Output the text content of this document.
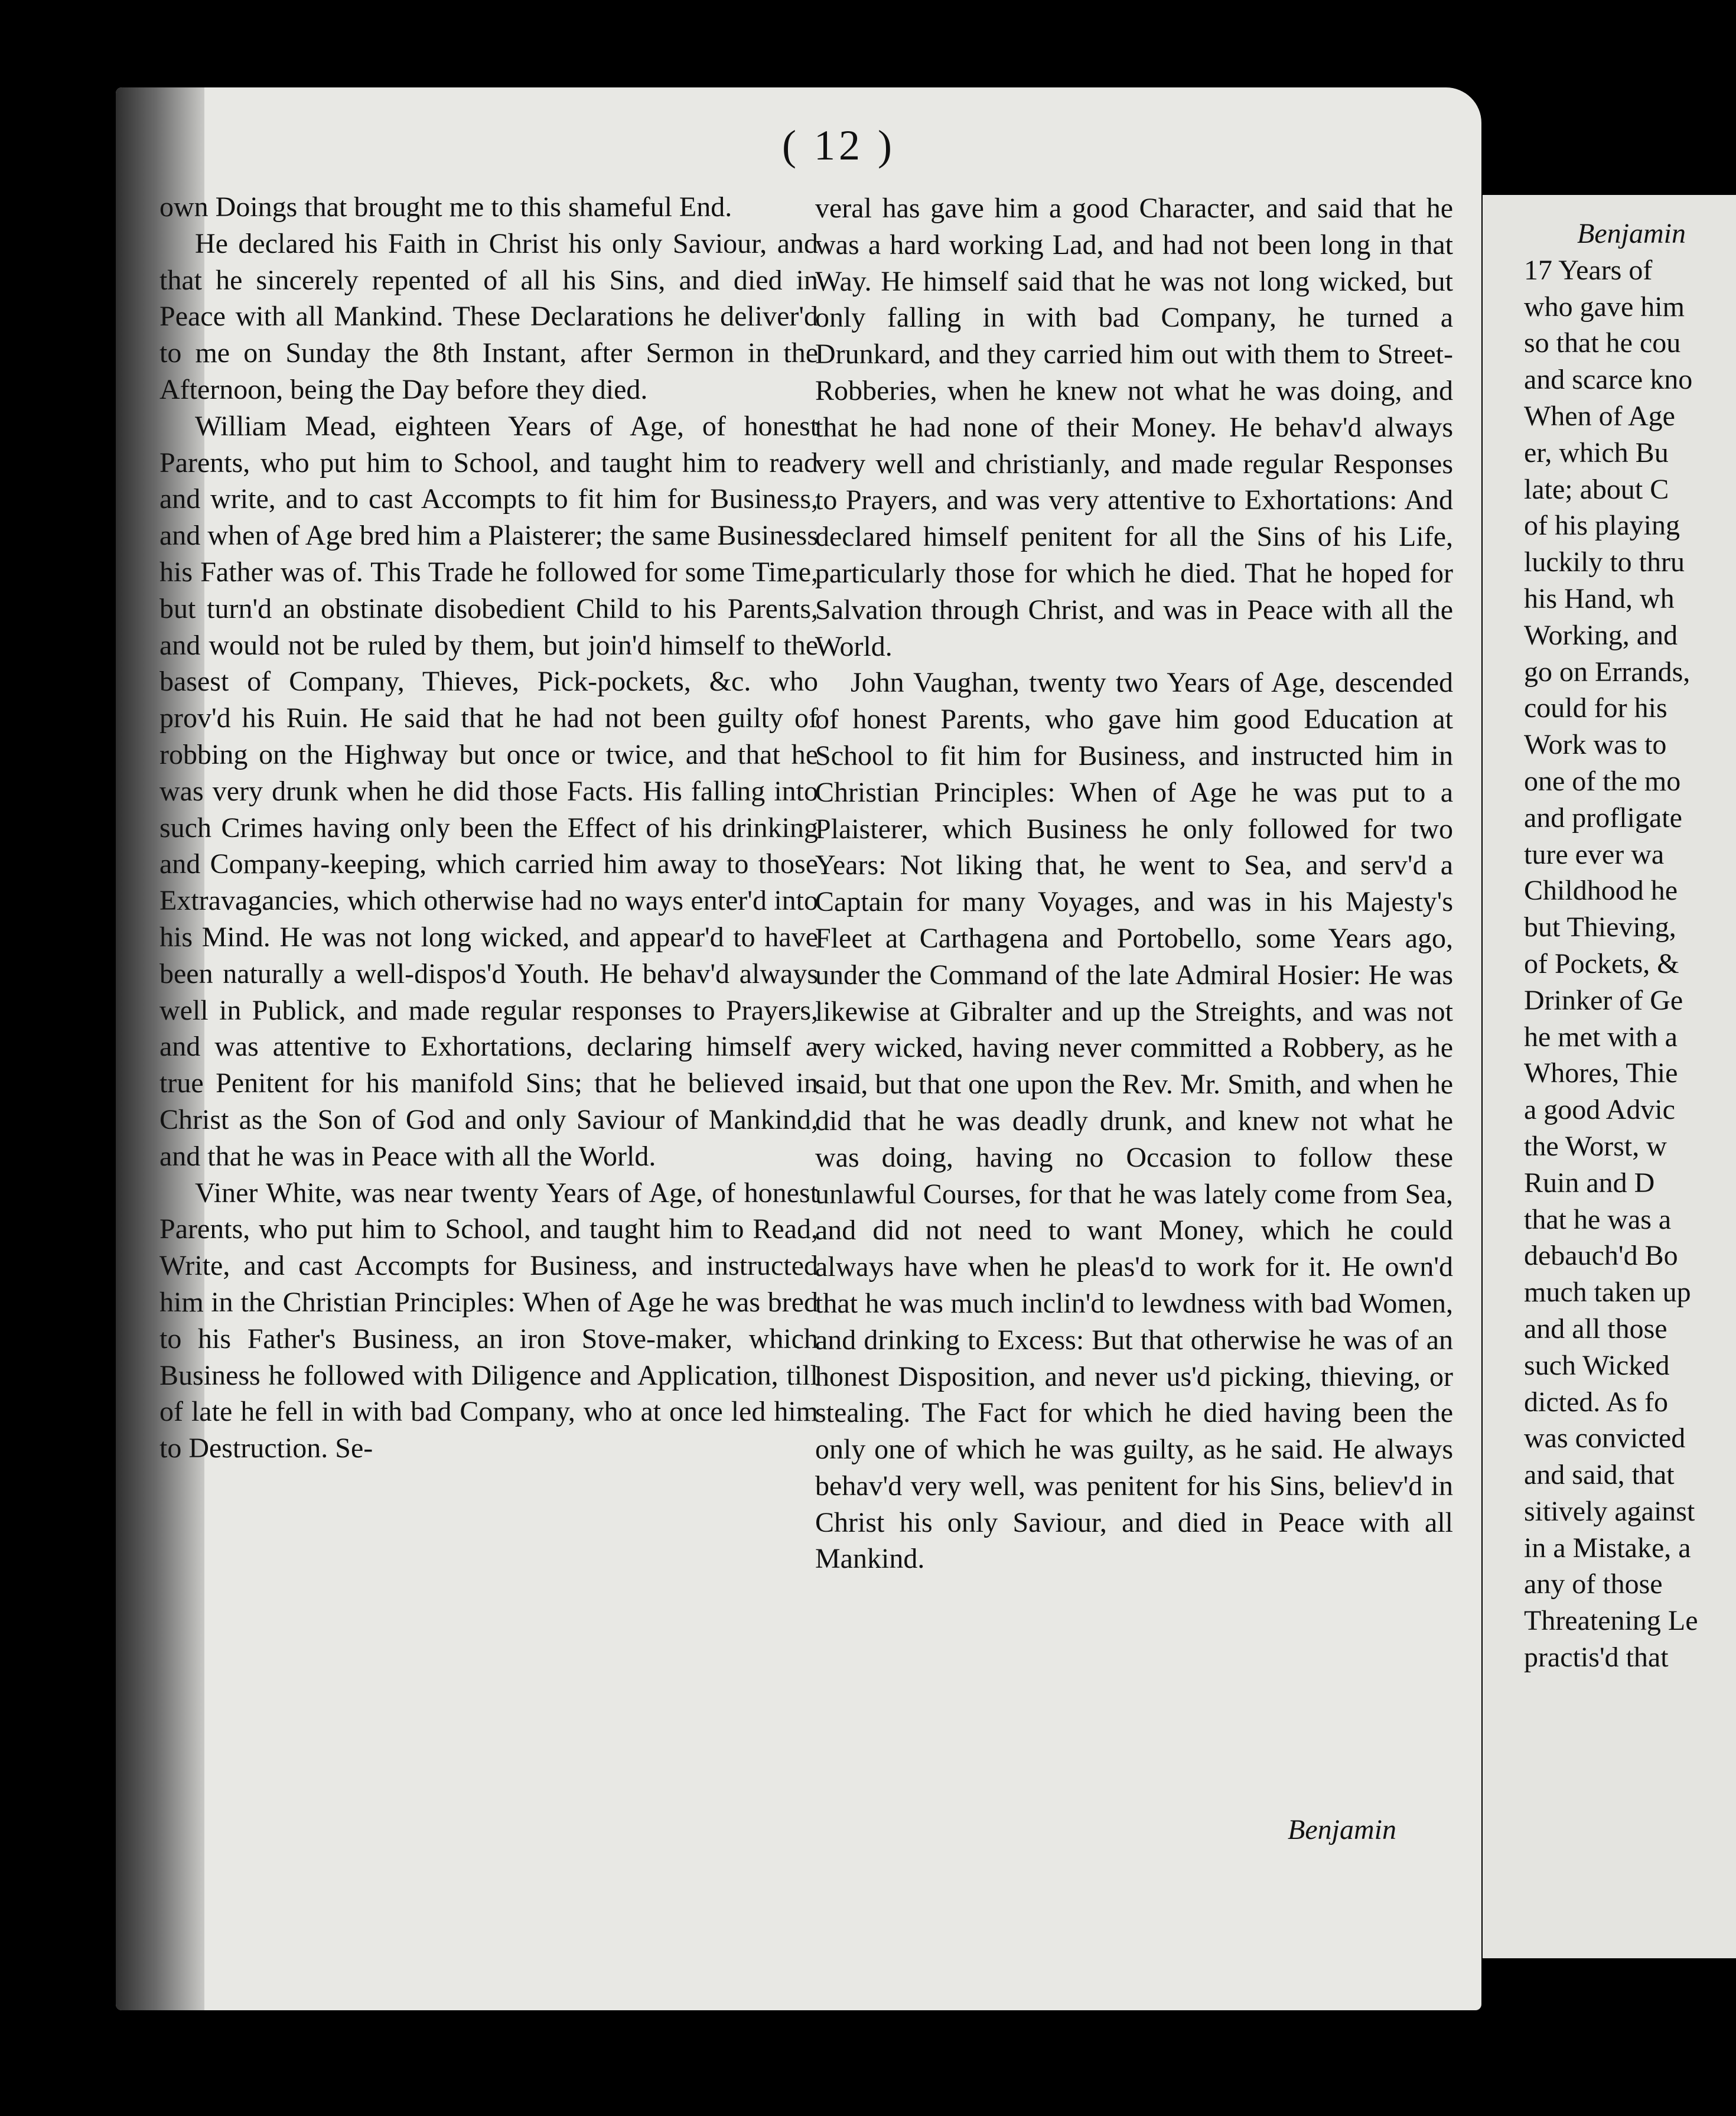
( 12 )

own Doings that brought me to this shameful End.

He declared his Faith in Christ his only Saviour, and that he sincerely repented of all his Sins, and died in Peace with all Mankind. These Declarations he deliver'd to me on Sunday the 8th Instant, after Sermon in the Afternoon, being the Day before they died.

William Mead, eighteen Years of Age, of honest Parents, who put him to School, and taught him to read and write, and to cast Accompts to fit him for Business, and when of Age bred him a Plaisterer; the same Business his Father was of. This Trade he followed for some Time, but turn'd an obstinate disobedient Child to his Parents, and would not be ruled by them, but join'd himself to the basest of Company, Thieves, Pick-pockets, &c. who prov'd his Ruin. He said that he had not been guilty of robbing on the Highway but once or twice, and that he was very drunk when he did those Facts. His falling into such Crimes having only been the Effect of his drinking and Company-keeping, which carried him away to those Extravagancies, which otherwise had no ways enter'd into his Mind. He was not long wicked, and appear'd to have been naturally a well-dispos'd Youth. He behav'd always well in Publick, and made regular responses to Prayers, and was attentive to Exhortations, declaring himself a true Penitent for his manifold Sins; that he believed in Christ as the Son of God and only Saviour of Mankind, and that he was in Peace with all the World.

Viner White, was near twenty Years of Age, of honest Parents, who put him to School, and taught him to Read, Write, and cast Accompts for Business, and instructed him in the Christian Principles: When of Age he was bred to his Father's Business, an iron Stove-maker, which Business he followed with Diligence and Application, till of late he fell in with bad Company, who at once led him to Destruction. Se-

veral has gave him a good Character, and said that he was a hard working Lad, and had not been long in that Way. He himself said that he was not long wicked, but only falling in with bad Company, he turned a Drunkard, and they carried him out with them to Street-Robberies, when he knew not what he was doing, and that he had none of their Money. He behav'd always very well and christianly, and made regular Responses to Prayers, and was very attentive to Exhortations: And declared himself penitent for all the Sins of his Life, particularly those for which he died. That he hoped for Salvation through Christ, and was in Peace with all the World.

John Vaughan, twenty two Years of Age, descended of honest Parents, who gave him good Education at School to fit him for Business, and instructed him in Christian Principles: When of Age he was put to a Plaisterer, which Business he only followed for two Years: Not liking that, he went to Sea, and serv'd a Captain for many Voyages, and was in his Majesty's Fleet at Carthagena and Portobello, some Years ago, under the Command of the late Admiral Hosier: He was likewise at Gibralter and up the Streights, and was not very wicked, having never committed a Robbery, as he said, but that one upon the Rev. Mr. Smith, and when he did that he was deadly drunk, and knew not what he was doing, having no Occasion to follow these unlawful Courses, for that he was lately come from Sea, and did not need to want Money, which he could always have when he pleas'd to work for it. He own'd that he was much inclin'd to lewdness with bad Women, and drinking to Excess: But that otherwise he was of an honest Disposition, and never us'd picking, thieving, or stealing. The Fact for which he died having been the only one of which he was guilty, as he said. He always behav'd very well, was penitent for his Sins, believ'd in Christ his only Saviour, and died in Peace with all Mankind.

Benjamin
Benjamin
17 Years of
who gave him
so that he cou
and scarce kno
When of Age
er, which Bu
late; about C
of his playing
luckily to thru
his Hand, wh
Working, and
go on Errands,
could for his
Work was to
one of the mo
and profligate
ture ever wa
Childhood he
but Thieving,
of Pockets, &
Drinker of Ge
he met with a
Whores, Thie
a good Advic
the Worst, w
Ruin and D
that he was a
debauch'd Bo
much taken up
and all those
such Wicked
dicted. As fo
was convicted
and said, that
sitively against
in a Mistake, a
any of those
Threatening Le
practis'd that
